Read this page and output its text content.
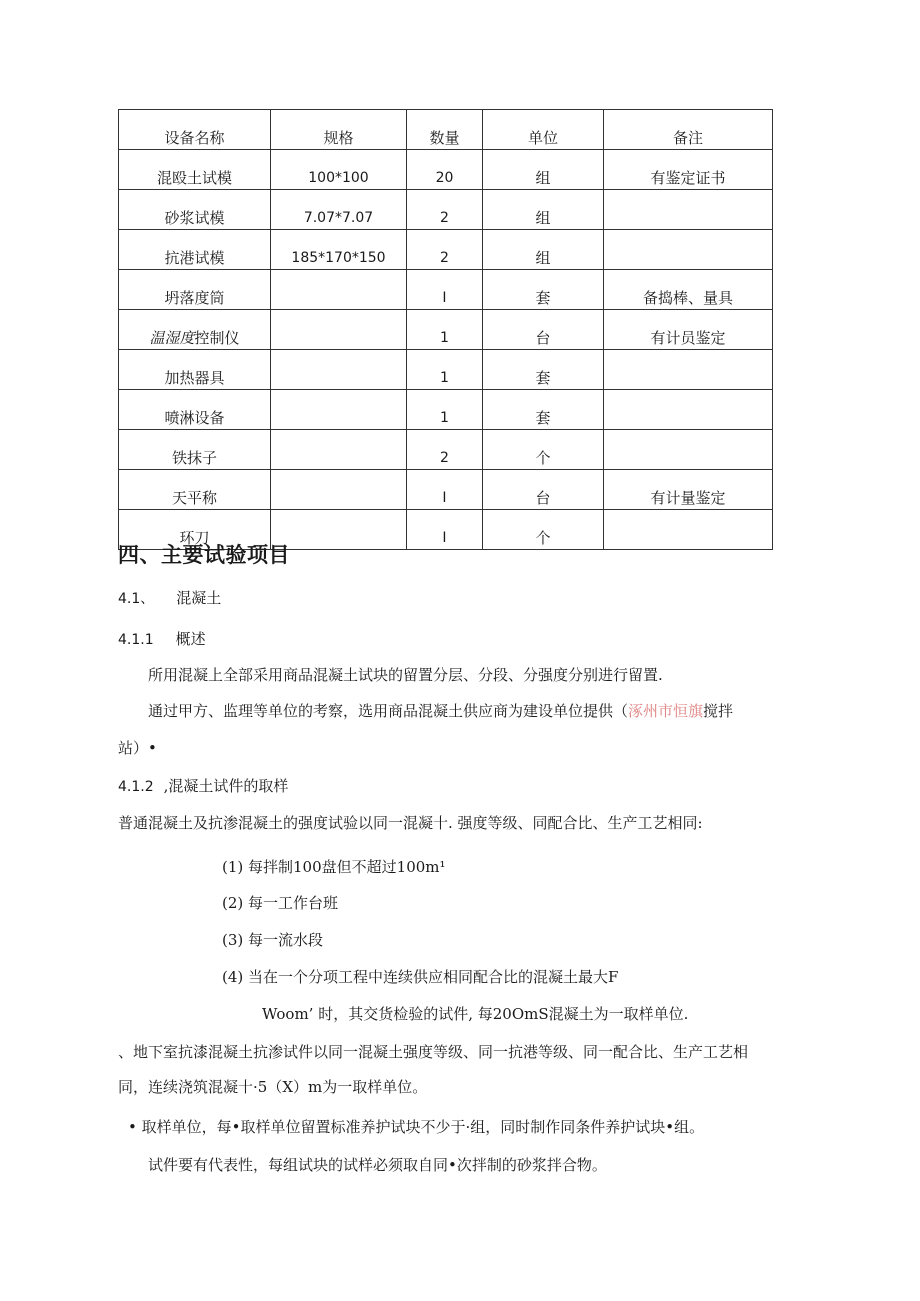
设备名称	规格	数量	单位	备注
混殴土试模	100*100	20	组	有鉴定证书
砂浆试模	7.07*7.07	2	组	
抗港试模	185*170*150	2	组	
坍落度筒		I	套	备捣棒、量具
温湿度控制仪		1	台	有计员鉴定
加热器具		1	套	
喷淋设备		1	套	
铁抹子		2	个	
天平称		I	台	有计量鉴定
环刀		I	个	
四、主要试验项目
4.1、 混凝土
4.1.1 概述
所用混凝上全部采用商品混凝土试块的留置分层、分段、分强度分别进行留置.
通过甲方、监理等单位的考察，选用商品混凝土供应商为建设单位提供（涿州市恒旗搅拌
站）•
4.1.2 ,混凝土试件的取样
普通混凝土及抗渗混凝土的强度试验以同一混凝十. 强度等级、同配合比、生产工艺相同:
(1) 每拌制100盘但不超过100m¹
(2) 每一工作台班
(3) 每一流水段
(4) 当在一个分项工程中连续供应相同配合比的混凝土最大F
Woom’ 时，其交货检验的试件, 每20OmS混凝土为一取样单位.
、地下室抗漆混凝土抗渗试件以同一混凝土强度等级、同一抗港等级、同一配合比、生产工艺相
同，连续浇筑混凝十·5（X）m为一取样单位。
• 取样单位，每•取样单位留置标准养护试块不少于·组，同时制作同条件养护试块•组。
试件要有代表性，每组试块的试样必须取自同•次拌制的砂浆拌合物。
